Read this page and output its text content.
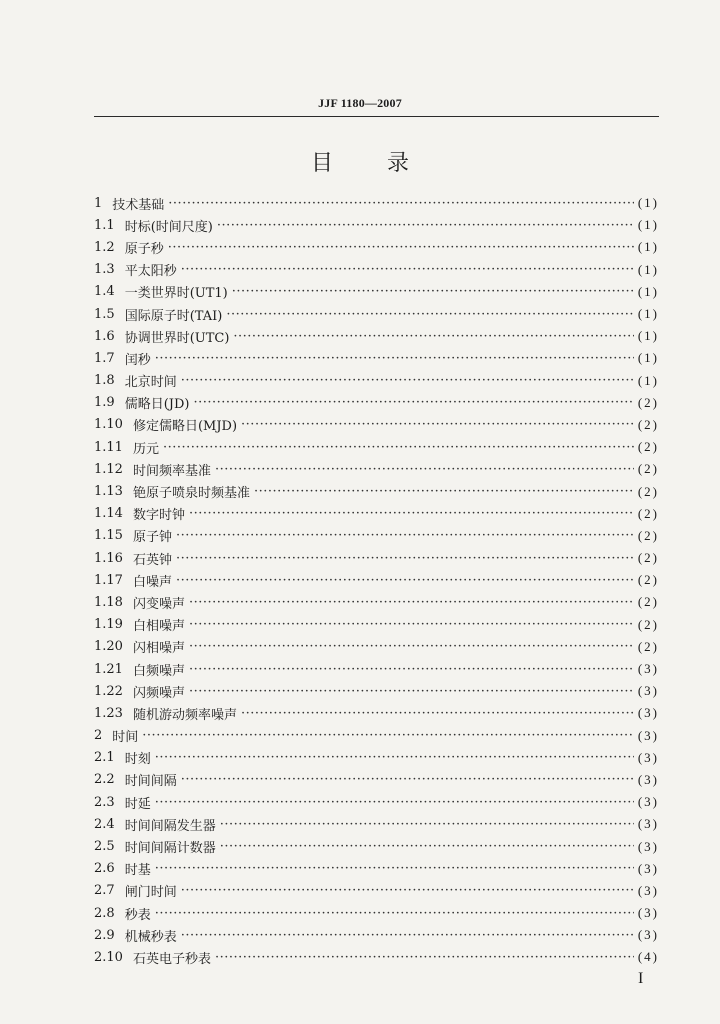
JJF 1180—2007
目 录
1 技术基础 ·····	(1)
1.1 时标(时间尺度) ·····	(1)
1.2 原子秒 ·····	(1)
1.3 平太阳秒 ·····	(1)
1.4 一类世界时(UT1) ·····	(1)
1.5 国际原子时(TAI) ·····	(1)
1.6 协调世界时(UTC) ·····	(1)
1.7 闰秒 ·····	(1)
1.8 北京时间 ·····	(1)
1.9 儒略日(JD) ·····	(2)
1.10 修定儒略日(MJD) ·····	(2)
1.11 历元 ·····	(2)
1.12 时间频率基准 ·····	(2)
1.13 铯原子喷泉时频基准 ·····	(2)
1.14 数字时钟 ·····	(2)
1.15 原子钟 ·····	(2)
1.16 石英钟 ·····	(2)
1.17 白噪声 ·····	(2)
1.18 闪变噪声 ·····	(2)
1.19 白相噪声 ·····	(2)
1.20 闪相噪声 ·····	(2)
1.21 白频噪声 ·····	(3)
1.22 闪频噪声 ·····	(3)
1.23 随机游动频率噪声 ·····	(3)
2 时间 ·····	(3)
2.1 时刻 ·····	(3)
2.2 时间间隔 ·····	(3)
2.3 时延 ·····	(3)
2.4 时间间隔发生器 ·····	(3)
2.5 时间间隔计数器 ·····	(3)
2.6 时基 ·····	(3)
2.7 闸门时间 ·····	(3)
2.8 秒表 ·····	(3)
2.9 机械秒表 ·····	(3)
2.10 石英电子秒表 ·····	(4)
I
